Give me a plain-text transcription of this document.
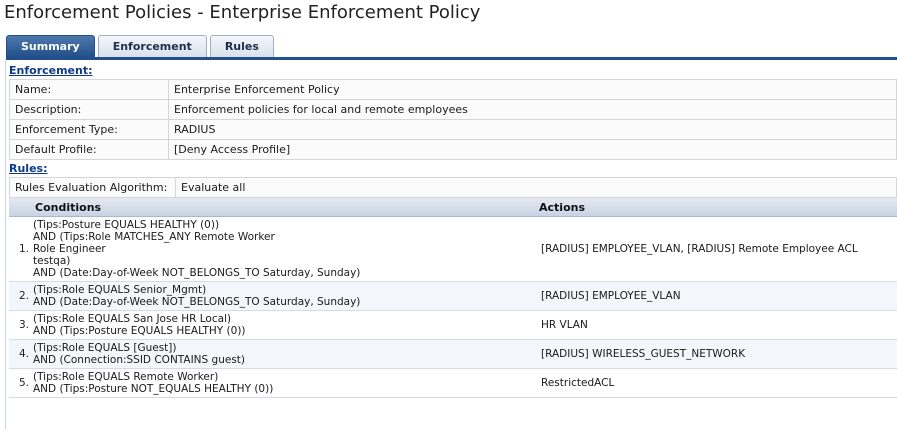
Enforcement Policies - Enterprise Enforcement Policy
Summary	Enforcement	Rules
Enforcement:
Name:	Enterprise Enforcement Policy
Description:	Enforcement policies for local and remote employees
Enforcement Type:	RADIUS
Default Profile:	[Deny Access Profile]
Rules:
Rules Evaluation Algorithm:	Evaluate all
	Conditions	Actions
1.	(Tips:Posture EQUALS HEALTHY (0))
AND (Tips:Role MATCHES_ANY Remote Worker
Role Engineer
testqa)
AND (Date:Day-of-Week NOT_BELONGS_TO Saturday, Sunday)	[RADIUS] EMPLOYEE_VLAN, [RADIUS] Remote Employee ACL
2.	(Tips:Role EQUALS Senior_Mgmt)
AND (Date:Day-of-Week NOT_BELONGS_TO Saturday, Sunday)	[RADIUS] EMPLOYEE_VLAN
3.	(Tips:Role EQUALS San Jose HR Local)
AND (Tips:Posture EQUALS HEALTHY (0))	HR VLAN
4.	(Tips:Role EQUALS [Guest])
AND (Connection:SSID CONTAINS guest)	[RADIUS] WIRELESS_GUEST_NETWORK
5.	(Tips:Role EQUALS Remote Worker)
AND (Tips:Posture NOT_EQUALS HEALTHY (0))	RestrictedACL
